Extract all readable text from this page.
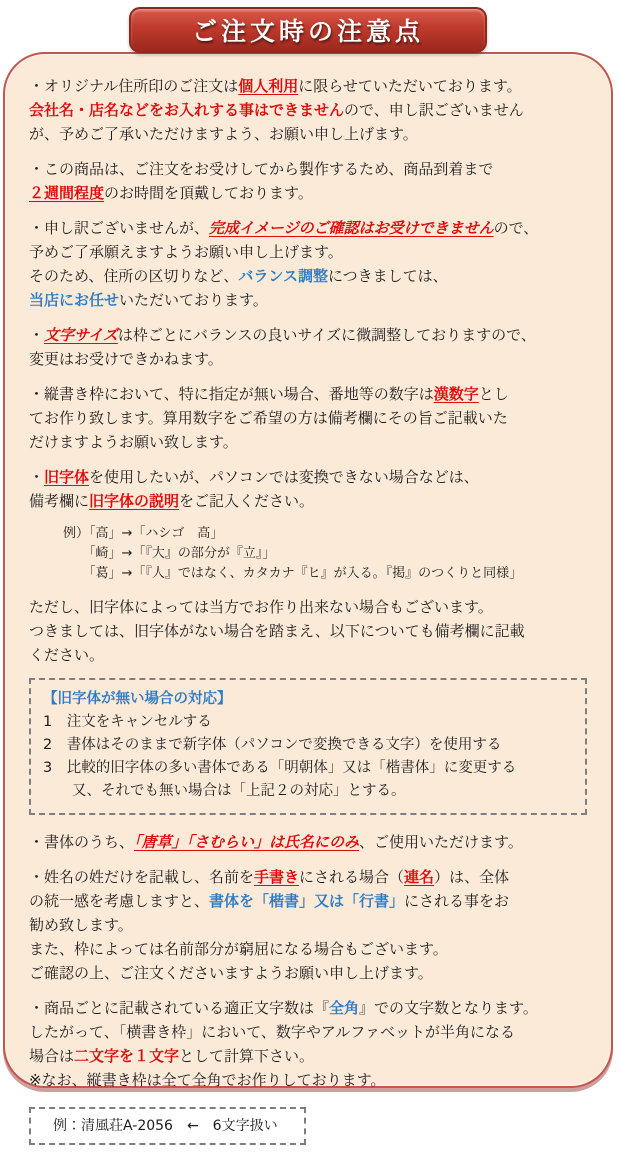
ご注文時の注意点
・オリジナル住所印のご注文は個人利用に限らせていただいております。
会社名・店名などをお入れする事はできませんので、申し訳ございません
が、予めご了承いただけますよう、お願い申し上げます。
・この商品は、ご注文をお受けしてから製作するため、商品到着まで
２週間程度のお時間を頂戴しております。
・申し訳ございませんが、完成イメージのご確認はお受けできませんので、
予めご了承願えますようお願い申し上げます。
そのため、住所の区切りなど、バランス調整につきましては、
当店にお任せいただいております。
・文字サイズは枠ごとにバランスの良いサイズに微調整しておりますので、
変更はお受けできかねます。
・縦書き枠において、特に指定が無い場合、番地等の数字は漢数字とし
てお作り致します。算用数字をご希望の方は備考欄にその旨ご記載いた
だけますようお願い致します。
・旧字体を使用したいが、パソコンでは変換できない場合などは、
備考欄に旧字体の説明をご記入ください。
例）「高」→「ハシゴ　高」
　　「崎」→「『大』の部分が『立』」
　　「葛」→「『人』ではなく、カタカナ『ヒ』が入る。『掲』のつくりと同様」
ただし、旧字体によっては当方でお作り出来ない場合もございます。
つきましては、旧字体がない場合を踏まえ、以下についても備考欄に記載
ください。
【旧字体が無い場合の対応】
1　注文をキャンセルする
2　書体はそのままで新字体（パソコンで変換できる文字）を使用する
3　比較的旧字体の多い書体である「明朝体」又は「楷書体」に変更する
　　又、それでも無い場合は「上記２の対応」とする。
・書体のうち、「唐草」「さむらい」は氏名にのみ、ご使用いただけます。
・姓名の姓だけを記載し、名前を手書きにされる場合（連名）は、全体
の統一感を考慮しますと、書体を「楷書」又は「行書」にされる事をお
勧め致します。
また、枠によっては名前部分が窮屈になる場合もございます。
ご確認の上、ご注文くださいますようお願い申し上げます。
・商品ごとに記載されている適正文字数は『全角』での文字数となります。
したがって、「横書き枠」において、数字やアルファベットが半角になる
場合は二文字を１文字として計算下さい。
※なお、縦書き枠は全て全角でお作りしております。
例：清風荘A-2056　←　6文字扱い
